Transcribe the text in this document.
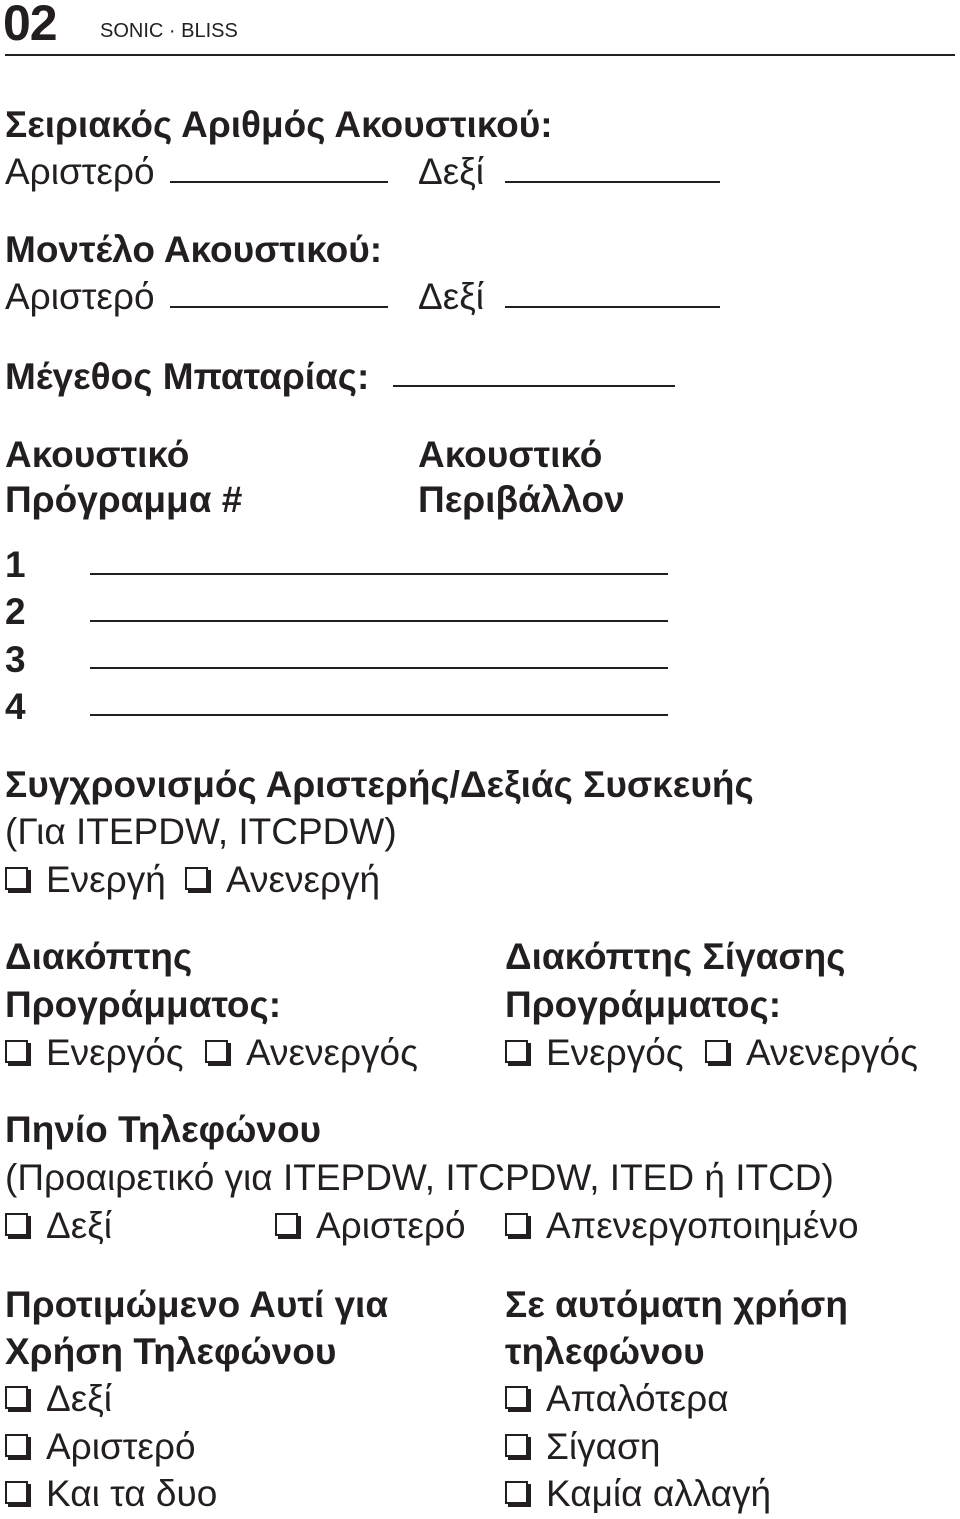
02 SONIC · BLISS
Σειριακός Αριθμός Ακουστικού:
Αριστερό	Δεξί
Μοντέλο Ακουστικού:
Αριστερό	Δεξί
Μέγεθος Μπαταρίας:
Ακουστικό
Πρόγραμμα #
Ακουστικό
Περιβάλλον
1
2
3
4
Συγχρονισμός Αριστερής/Δεξιάς Συσκευής
(Για ITEPDW, ITCPDW)
Ενεργή	Ανενεργή
Διακόπτης
Προγράμματος:
Ενεργός	Ανενεργός
Διακόπτης Σίγασης
Προγράμματος:
Ενεργός	Ανενεργός
Πηνίο Τηλεφώνου
(Προαιρετικό για ITEPDW, ITCPDW, ITED ή ITCD)
Δεξί	Αριστερό	Απενεργοποιημένο
Προτιμώμενο Αυτί για
Χρήση Τηλεφώνου
Δεξί
Αριστερό
Και τα δυο
Σε αυτόματη χρήση
τηλεφώνου
Απαλότερα
Σίγαση
Καμία αλλαγή
